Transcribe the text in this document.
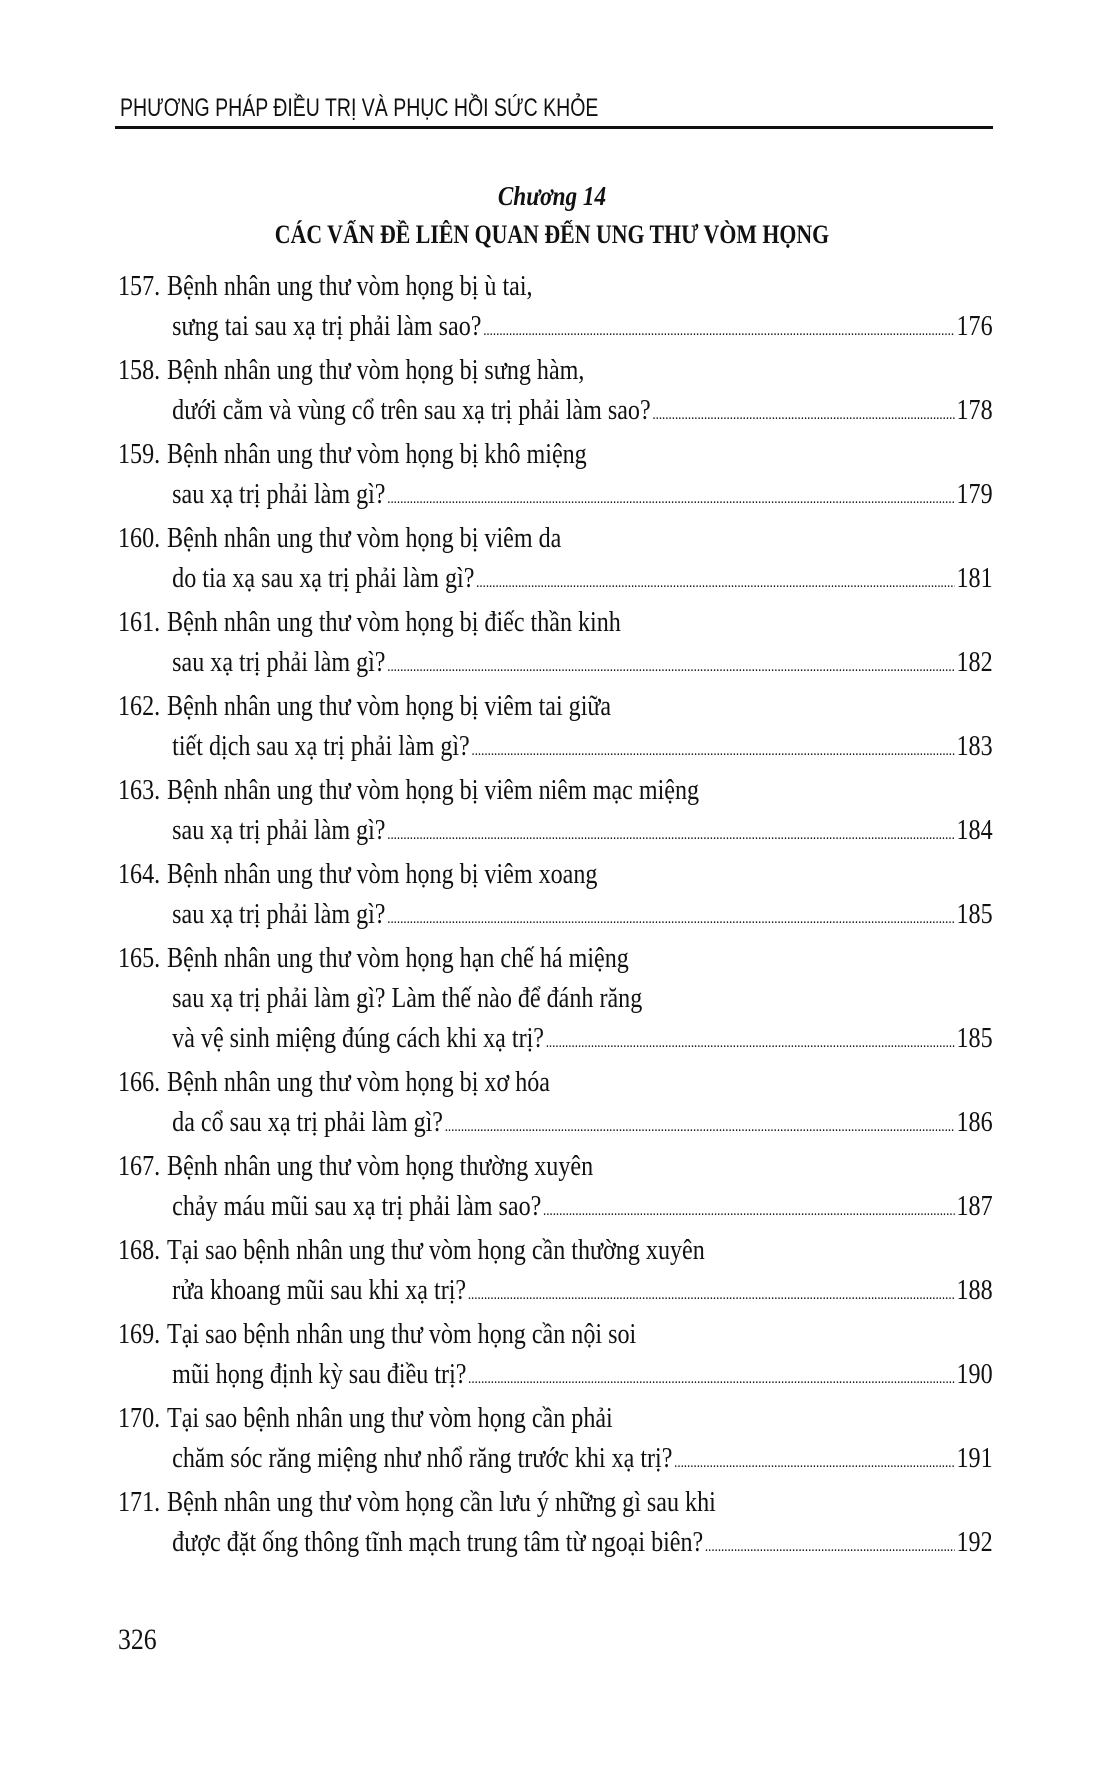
PHƯƠNG PHÁP ĐIỀU TRỊ VÀ PHỤC HỒI SỨC KHỎE
Chương 14
CÁC VẤN ĐỀ LIÊN QUAN ĐẾN UNG THƯ VÒM HỌNG
157. Bệnh nhân ung thư vòm họng bị ù tai,
sưng tai sau xạ trị phải làm sao? .....	176
158. Bệnh nhân ung thư vòm họng bị sưng hàm,
dưới cằm và vùng cổ trên sau xạ trị phải làm sao? .....	178
159. Bệnh nhân ung thư vòm họng bị khô miệng
sau xạ trị phải làm gì? .....	179
160. Bệnh nhân ung thư vòm họng bị viêm da
do tia xạ sau xạ trị phải làm gì? .....	181
161. Bệnh nhân ung thư vòm họng bị điếc thần kinh
sau xạ trị phải làm gì? .....	182
162. Bệnh nhân ung thư vòm họng bị viêm tai giữa
tiết dịch sau xạ trị phải làm gì? .....	183
163. Bệnh nhân ung thư vòm họng bị viêm niêm mạc miệng
sau xạ trị phải làm gì? .....	184
164. Bệnh nhân ung thư vòm họng bị viêm xoang
sau xạ trị phải làm gì? .....	185
165. Bệnh nhân ung thư vòm họng hạn chế há miệng
sau xạ trị phải làm gì? Làm thế nào để đánh răng
và vệ sinh miệng đúng cách khi xạ trị? .....	185
166. Bệnh nhân ung thư vòm họng bị xơ hóa
da cổ sau xạ trị phải làm gì? .....	186
167. Bệnh nhân ung thư vòm họng thường xuyên
chảy máu mũi sau xạ trị phải làm sao? .....	187
168. Tại sao bệnh nhân ung thư vòm họng cần thường xuyên
rửa khoang mũi sau khi xạ trị? .....	188
169. Tại sao bệnh nhân ung thư vòm họng cần nội soi
mũi họng định kỳ sau điều trị? .....	190
170. Tại sao bệnh nhân ung thư vòm họng cần phải
chăm sóc răng miệng như nhổ răng trước khi xạ trị? .....	191
171. Bệnh nhân ung thư vòm họng cần lưu ý những gì sau khi
được đặt ống thông tĩnh mạch trung tâm từ ngoại biên? .....	192
326
